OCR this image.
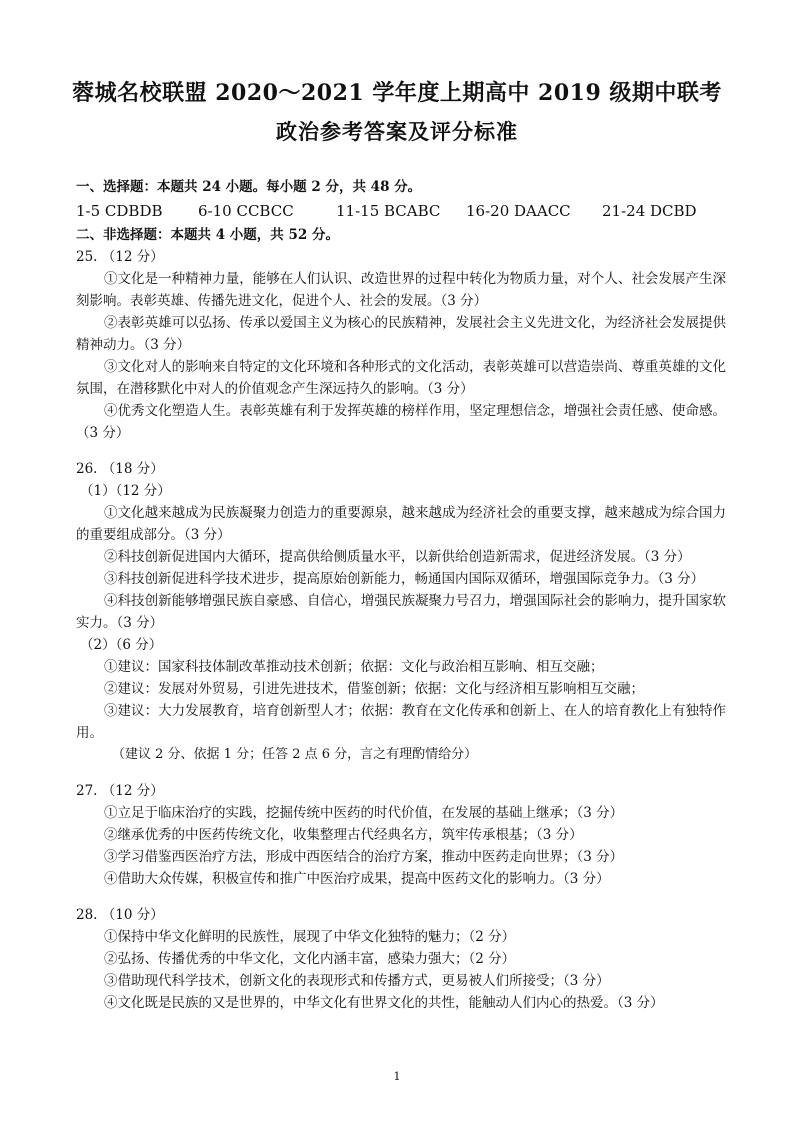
蓉城名校联盟 2020～2021 学年度上期高中 2019 级期中联考
政治参考答案及评分标准
一、选择题：本题共 24 小题。每小题 2 分，共 48 分。
1-5 CDBDB	6-10 CCBCC	11-15 BCABC	16-20 DAACC	21-24 DCBD
二、非选择题：本题共 4 小题，共 52 分。
25. （12 分）
①文化是一种精神力量，能够在人们认识、改造世界的过程中转化为物质力量，对个人、社会发展产生深刻影响。表彰英雄、传播先进文化，促进个人、社会的发展。（3 分）
②表彰英雄可以弘扬、传承以爱国主义为核心的民族精神，发展社会主义先进文化，为经济社会发展提供精神动力。（3 分）
③文化对人的影响来自特定的文化环境和各种形式的文化活动，表彰英雄可以营造崇尚、尊重英雄的文化氛围，在潜移默化中对人的价值观念产生深远持久的影响。（3 分）
④优秀文化塑造人生。表彰英雄有利于发挥英雄的榜样作用，坚定理想信念，增强社会责任感、使命感。（3 分）
26. （18 分）
（1）（12 分）
①文化越来越成为民族凝聚力创造力的重要源泉，越来越成为经济社会的重要支撑，越来越成为综合国力的重要组成部分。（3 分）
②科技创新促进国内大循环，提高供给侧质量水平，以新供给创造新需求，促进经济发展。（3 分）
③科技创新促进科学技术进步，提高原始创新能力，畅通国内国际双循环，增强国际竞争力。（3 分）
④科技创新能够增强民族自豪感、自信心，增强民族凝聚力号召力，增强国际社会的影响力，提升国家软实力。（3 分）
（2）（6 分）
①建议：国家科技体制改革推动技术创新；依据：文化与政治相互影响、相互交融；
②建议：发展对外贸易，引进先进技术，借鉴创新；依据：文化与经济相互影响相互交融；
③建议：大力发展教育，培育创新型人才；依据：教育在文化传承和创新上、在人的培育教化上有独特作用。
（建议 2 分、依据 1 分；任答 2 点 6 分，言之有理酌情给分）
27. （12 分）
①立足于临床治疗的实践，挖掘传统中医药的时代价值，在发展的基础上继承；（3 分）
②继承优秀的中医药传统文化，收集整理古代经典名方，筑牢传承根基；（3 分）
③学习借鉴西医治疗方法，形成中西医结合的治疗方案，推动中医药走向世界；（3 分）
④借助大众传媒，积极宣传和推广中医治疗成果，提高中医药文化的影响力。（3 分）
28. （10 分）
①保持中华文化鲜明的民族性，展现了中华文化独特的魅力；（2 分）
②弘扬、传播优秀的中华文化，文化内涵丰富，感染力强大；（2 分）
③借助现代科学技术，创新文化的表现形式和传播方式，更易被人们所接受；（3 分）
④文化既是民族的又是世界的，中华文化有世界文化的共性，能触动人们内心的热爱。（3 分）
1
